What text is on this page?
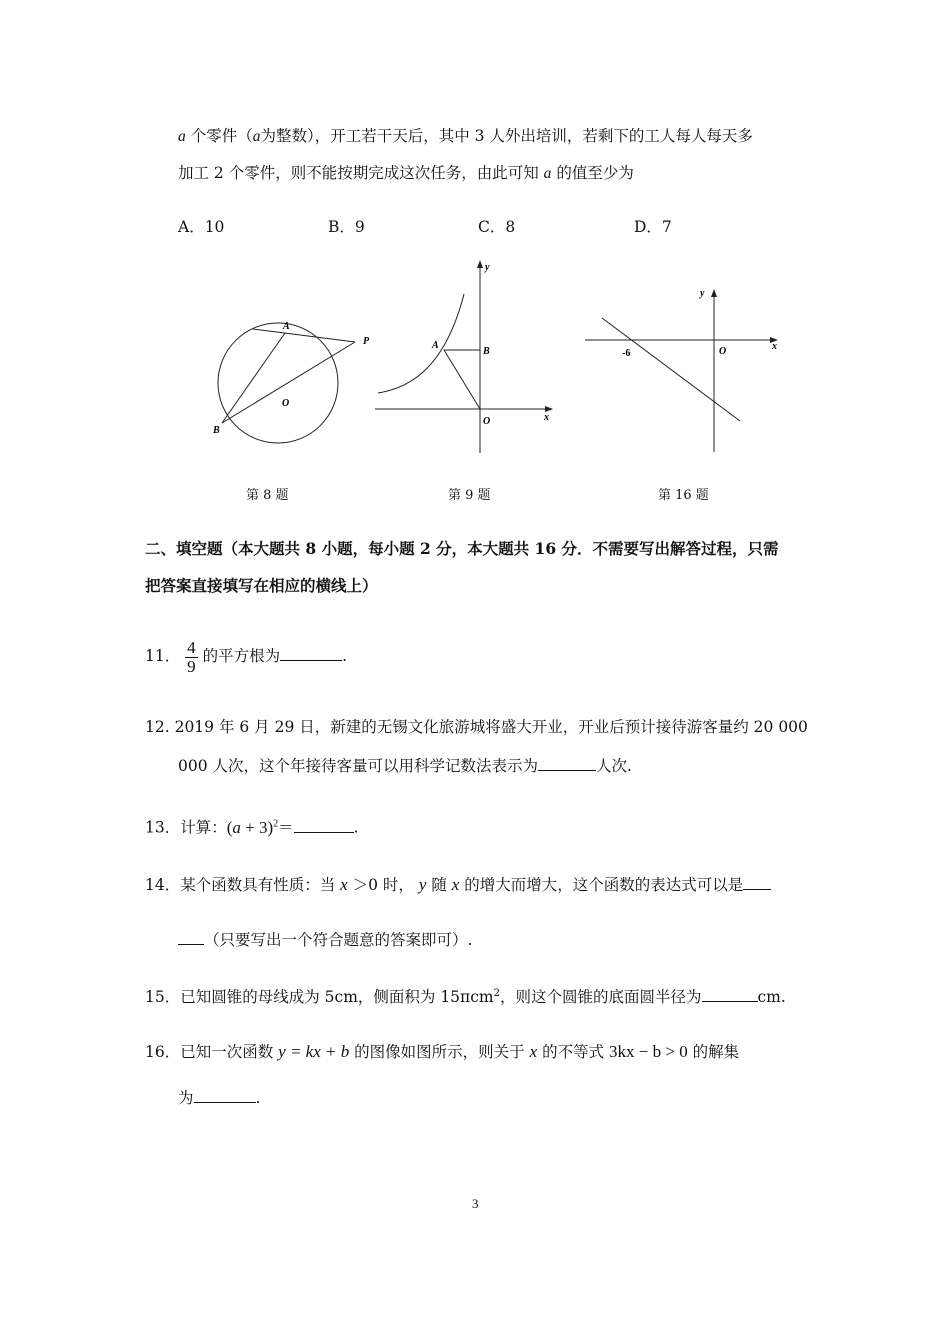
a 个零件（a为整数），开工若干天后，其中 3 人外出培训，若剩下的工人每人每天多
加工 2 个零件，则不能按期完成这次任务，由此可知 a 的值至少为
A．10	B．9	C．8	D．7
A
P
O
B
y
A
B
O	x
y
-6	O	x
第 8 题	第 9 题	第 16 题
二、填空题（本大题共 8 小题，每小题 2 分，本大题共 16 分．不需要写出解答过程，只需
把答案直接填写在相应的横线上）
11． $\frac{4}{9}$ 的平方根为	.
12. 2019 年 6 月 29 日，新建的无锡文化旅游城将盛大开业，开业后预计接待游客量约 20 000
000 人次，这个年接待客量可以用科学记数法表示为	人次.
13．计算：$(a + 3)^2=$	.
14．某个函数具有性质：当 x ＞0 时， y 随 x 的增大而增大，这个函数的表达式可以是
（只要写出一个符合题意的答案即可）.
15．已知圆锥的母线成为 5cm，侧面积为 15πcm$^2$，则这个圆锥的底面圆半径为	cm.
16．已知一次函数 y = kx + b 的图像如图所示，则关于 x 的不等式 3kx − b > 0 的解集
为	.
3
